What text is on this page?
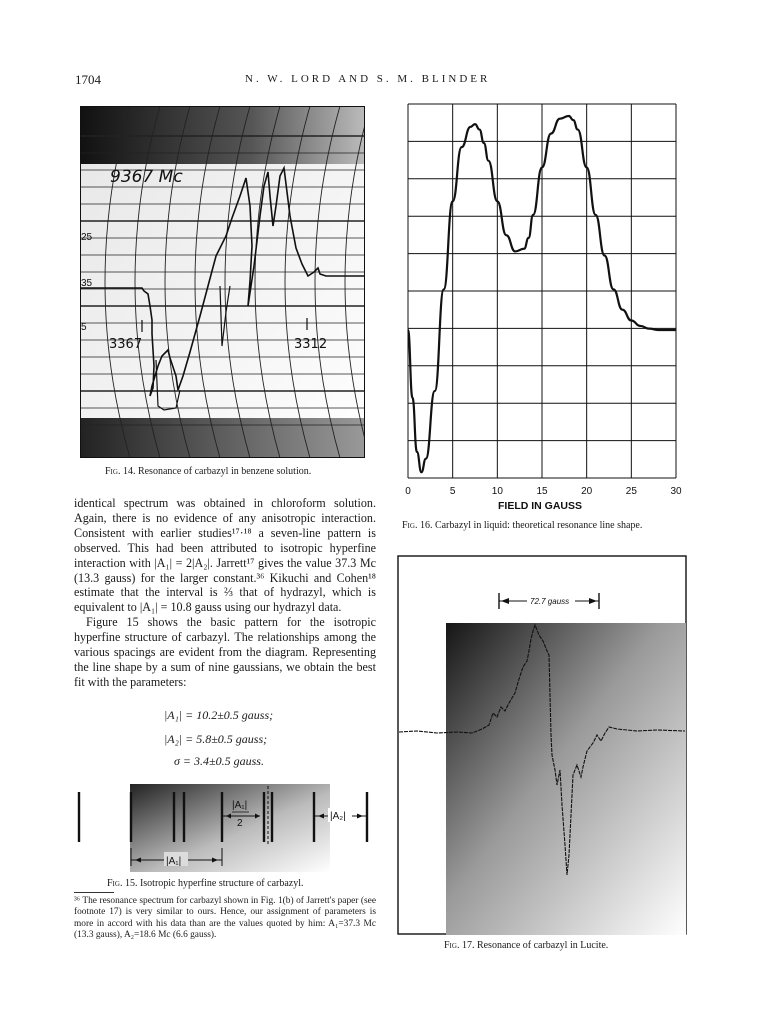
1704	N. W. LORD AND S. M. BLINDER
9367 Mc
3367	3312
25
35
5
Fig. 14. Resonance of carbazyl in benzene solution.
0	5	10	15	20	25	30
FIELD IN GAUSS
Fig. 16. Carbazyl in liquid: theoretical resonance line shape.

identical spectrum was obtained in chloroform solution. Again, there is no evidence of any anisotropic interaction. Consistent with earlier studies¹⁷·¹⁸ a seven-line pattern is observed. This had been attributed to isotropic hyperfine interaction with |A₁| = 2|A₂|. Jarrett¹⁷ gives the value 37.3 Mc (13.3 gauss) for the larger constant.³⁶ Kikuchi and Cohen¹⁸ estimate that the interval is ⅔ that of hydrazyl, which is equivalent to |A₁| = 10.8 gauss using our hydrazyl data.

Figure 15 shows the basic pattern for the isotropic hyperfine structure of carbazyl. The relationships among the various spacings are evident from the diagram. Representing the line shape by a sum of nine gaussians, we obtain the best fit with the parameters:

|A₁| = 10.2±0.5 gauss;
|A₂| = 5.8±0.5 gauss;
σ = 3.4±0.5 gauss.
|A₁|
2
|A₂|
|A₁|
Fig. 15. Isotropic hyperfine structure of carbazyl.
³⁶ The resonance spectrum for carbazyl shown in Fig. 1(b) of Jarrett's paper (see footnote 17) is very similar to ours. Hence, our assignment of parameters is more in accord with his data than are the values quoted by him: A₁=37.3 Mc (13.3 gauss), A₂=18.6 Mc (6.6 gauss).
72.7 gauss
Fig. 17. Resonance of carbazyl in Lucite.
